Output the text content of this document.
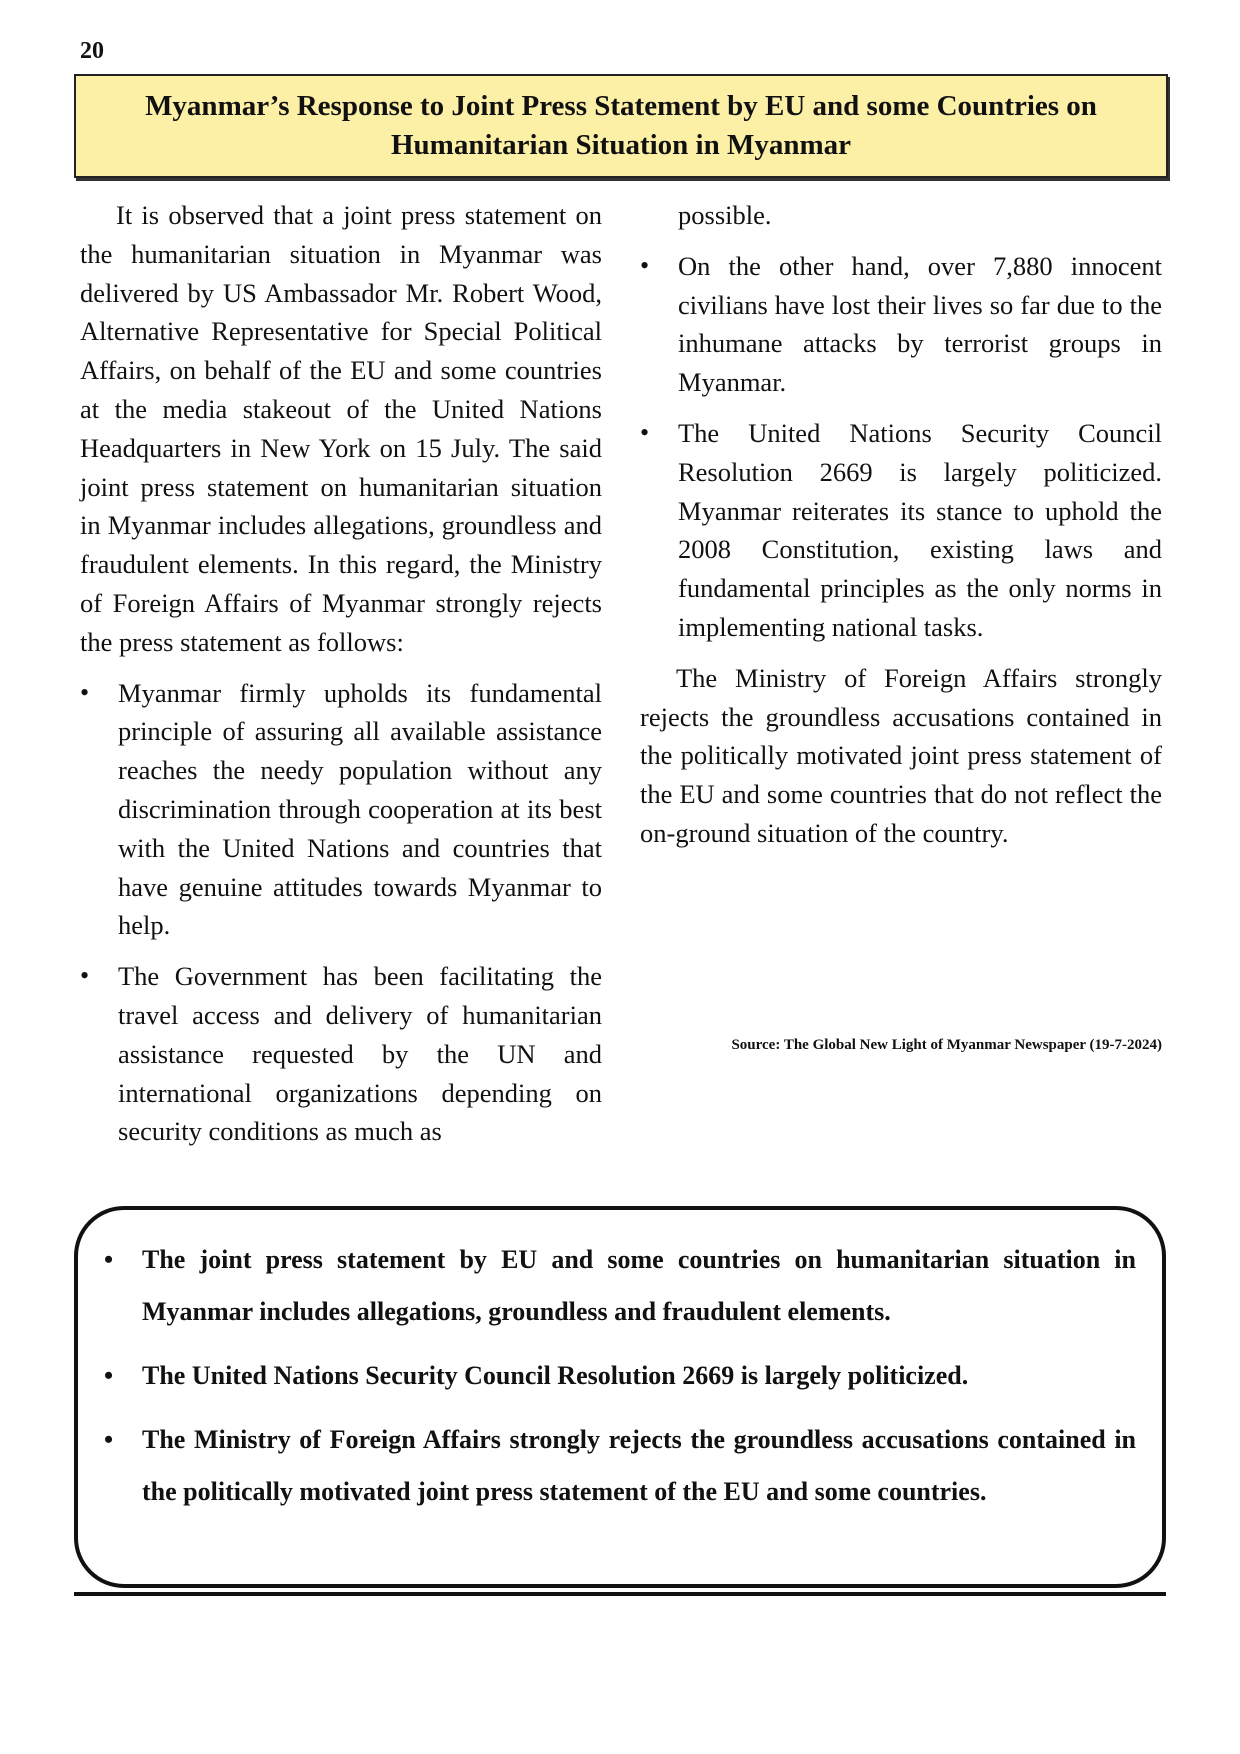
20
Myanmar’s Response to Joint Press Statement by EU and some Countries on
Humanitarian Situation in Myanmar

It is observed that a joint press statement on the humanitarian situation in Myanmar was delivered by US Ambassador Mr. Robert Wood, Alternative Representative for Special Political Affairs, on behalf of the EU and some countries at the media stakeout of the United Nations Headquarters in New York on 15 July. The said joint press statement on humanitarian situation in Myanmar includes allegations, groundless and fraudulent elements. In this regard, the Ministry of Foreign Affairs of Myanmar strongly rejects the press statement as follows:

• Myanmar firmly upholds its fundamental principle of assuring all available assistance reaches the needy population without any discrimination through cooperation at its best with the United Nations and countries that have genuine attitudes towards Myanmar to help.
• The Government has been facilitating the travel access and delivery of humanitarian assistance requested by the UN and international organizations depending on security conditions as much as

possible.

• On the other hand, over 7,880 innocent civilians have lost their lives so far due to the inhumane attacks by terrorist groups in Myanmar.
• The United Nations Security Council Resolution 2669 is largely politicized. Myanmar reiterates its stance to uphold the 2008 Constitution, existing laws and fundamental principles as the only norms in implementing national tasks.

The Ministry of Foreign Affairs strongly rejects the groundless accusations contained in the politically motivated joint press statement of the EU and some countries that do not reflect the on-ground situation of the country.

Source: The Global New Light of Myanmar Newspaper (19-7-2024)
• The joint press statement by EU and some countries on humanitarian situation in Myanmar includes allegations, groundless and fraudulent elements.
• The United Nations Security Council Resolution 2669 is largely politicized.
• The Ministry of Foreign Affairs strongly rejects the groundless accusations contained in the politically motivated joint press statement of the EU and some countries.
